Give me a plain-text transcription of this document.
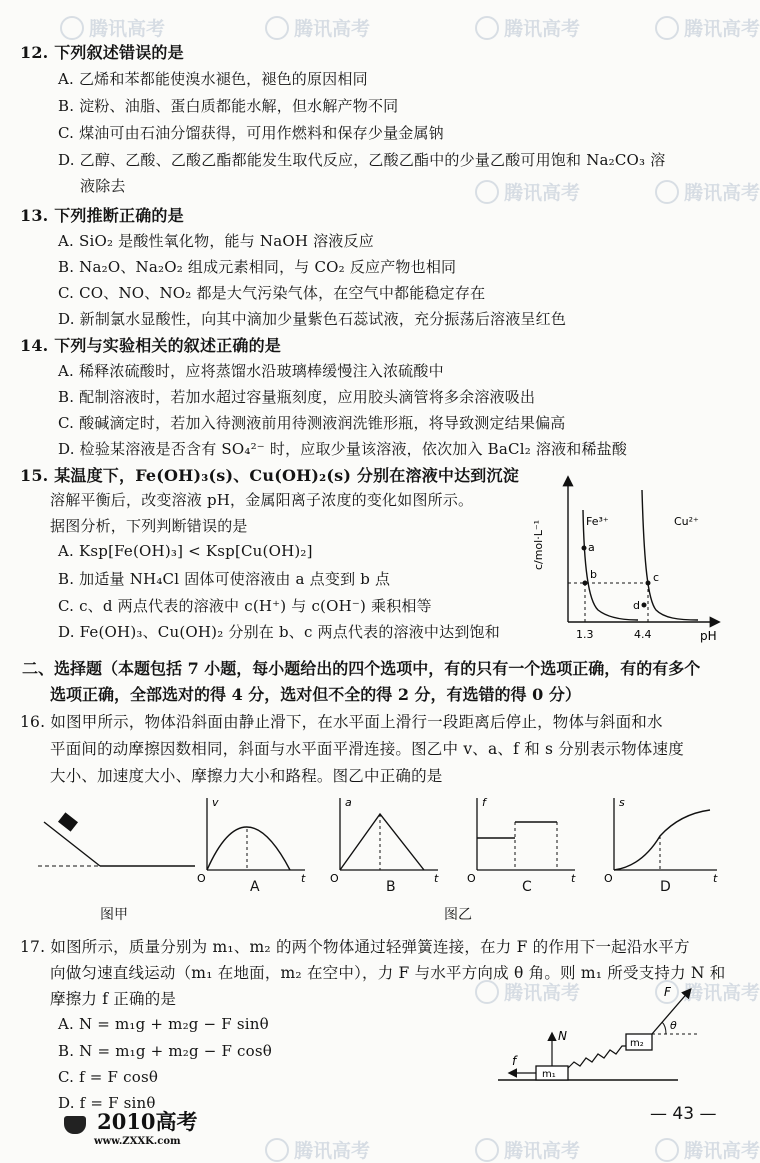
腾讯高考	腾讯高考	腾讯高考	腾讯高考
腾讯高考	腾讯高考
腾讯高考	腾讯高考
腾讯高考	腾讯高考	腾讯高考
12. 下列叙述错误的是
A. 乙烯和苯都能使溴水褪色，褪色的原因相同
B. 淀粉、油脂、蛋白质都能水解，但水解产物不同
C. 煤油可由石油分馏获得，可用作燃料和保存少量金属钠
D. 乙醇、乙酸、乙酸乙酯都能发生取代反应，乙酸乙酯中的少量乙酸可用饱和 Na₂CO₃ 溶
液除去
13. 下列推断正确的是
A. SiO₂ 是酸性氧化物，能与 NaOH 溶液反应
B. Na₂O、Na₂O₂ 组成元素相同，与 CO₂ 反应产物也相同
C. CO、NO、NO₂ 都是大气污染气体，在空气中都能稳定存在
D. 新制氯水显酸性，向其中滴加少量紫色石蕊试液，充分振荡后溶液呈红色
14. 下列与实验相关的叙述正确的是
A. 稀释浓硫酸时，应将蒸馏水沿玻璃棒缓慢注入浓硫酸中
B. 配制溶液时，若加水超过容量瓶刻度，应用胶头滴管将多余溶液吸出
C. 酸碱滴定时，若加入待测液前用待测液润洗锥形瓶，将导致测定结果偏高
D. 检验某溶液是否含有 SO₄²⁻ 时，应取少量该溶液，依次加入 BaCl₂ 溶液和稀盐酸
15. 某温度下，Fe(OH)₃(s)、Cu(OH)₂(s) 分别在溶液中达到沉淀
溶解平衡后，改变溶液 pH，金属阳离子浓度的变化如图所示。
据图分析，下列判断错误的是
A. Ksp[Fe(OH)₃] < Ksp[Cu(OH)₂]
B. 加适量 NH₄Cl 固体可使溶液由 a 点变到 b 点
C. c、d 两点代表的溶液中 c(H⁺) 与 c(OH⁻) 乘积相等
D. Fe(OH)₃、Cu(OH)₂ 分别在 b、c 两点代表的溶液中达到饱和
c/mol·L⁻¹
pH
1.3	4.4
a
b	c
d
Fe³⁺	Cu²⁺
二、选择题（本题包括 7 小题，每小题给出的四个选项中，有的只有一个选项正确，有的有多个
选项正确，全部选对的得 4 分，选对但不全的得 2 分，有选错的得 0 分）
16. 如图甲所示，物体沿斜面由静止滑下，在水平面上滑行一段距离后停止，物体与斜面和水
平面间的动摩擦因数相同，斜面与水平面平滑连接。图乙中 v、a、f 和 s 分别表示物体速度
大小、加速度大小、摩擦力大小和路程。图乙中正确的是
图甲
v
O	t
A
a
O	t
B
f
O	t
C
s
O	t
D
图乙
17. 如图所示，质量分别为 m₁、m₂ 的两个物体通过轻弹簧连接，在力 F 的作用下一起沿水平方
向做匀速直线运动（m₁ 在地面，m₂ 在空中），力 F 与水平方向成 θ 角。则 m₁ 所受支持力 N 和
摩擦力 f 正确的是
A. N = m₁g + m₂g − F sinθ
B. N = m₁g + m₂g − F cosθ
C. f = F cosθ
D. f = F sinθ
m₁
N
f
m₂
F
θ
2010高考
www.ZXXK.com
— 43 —
